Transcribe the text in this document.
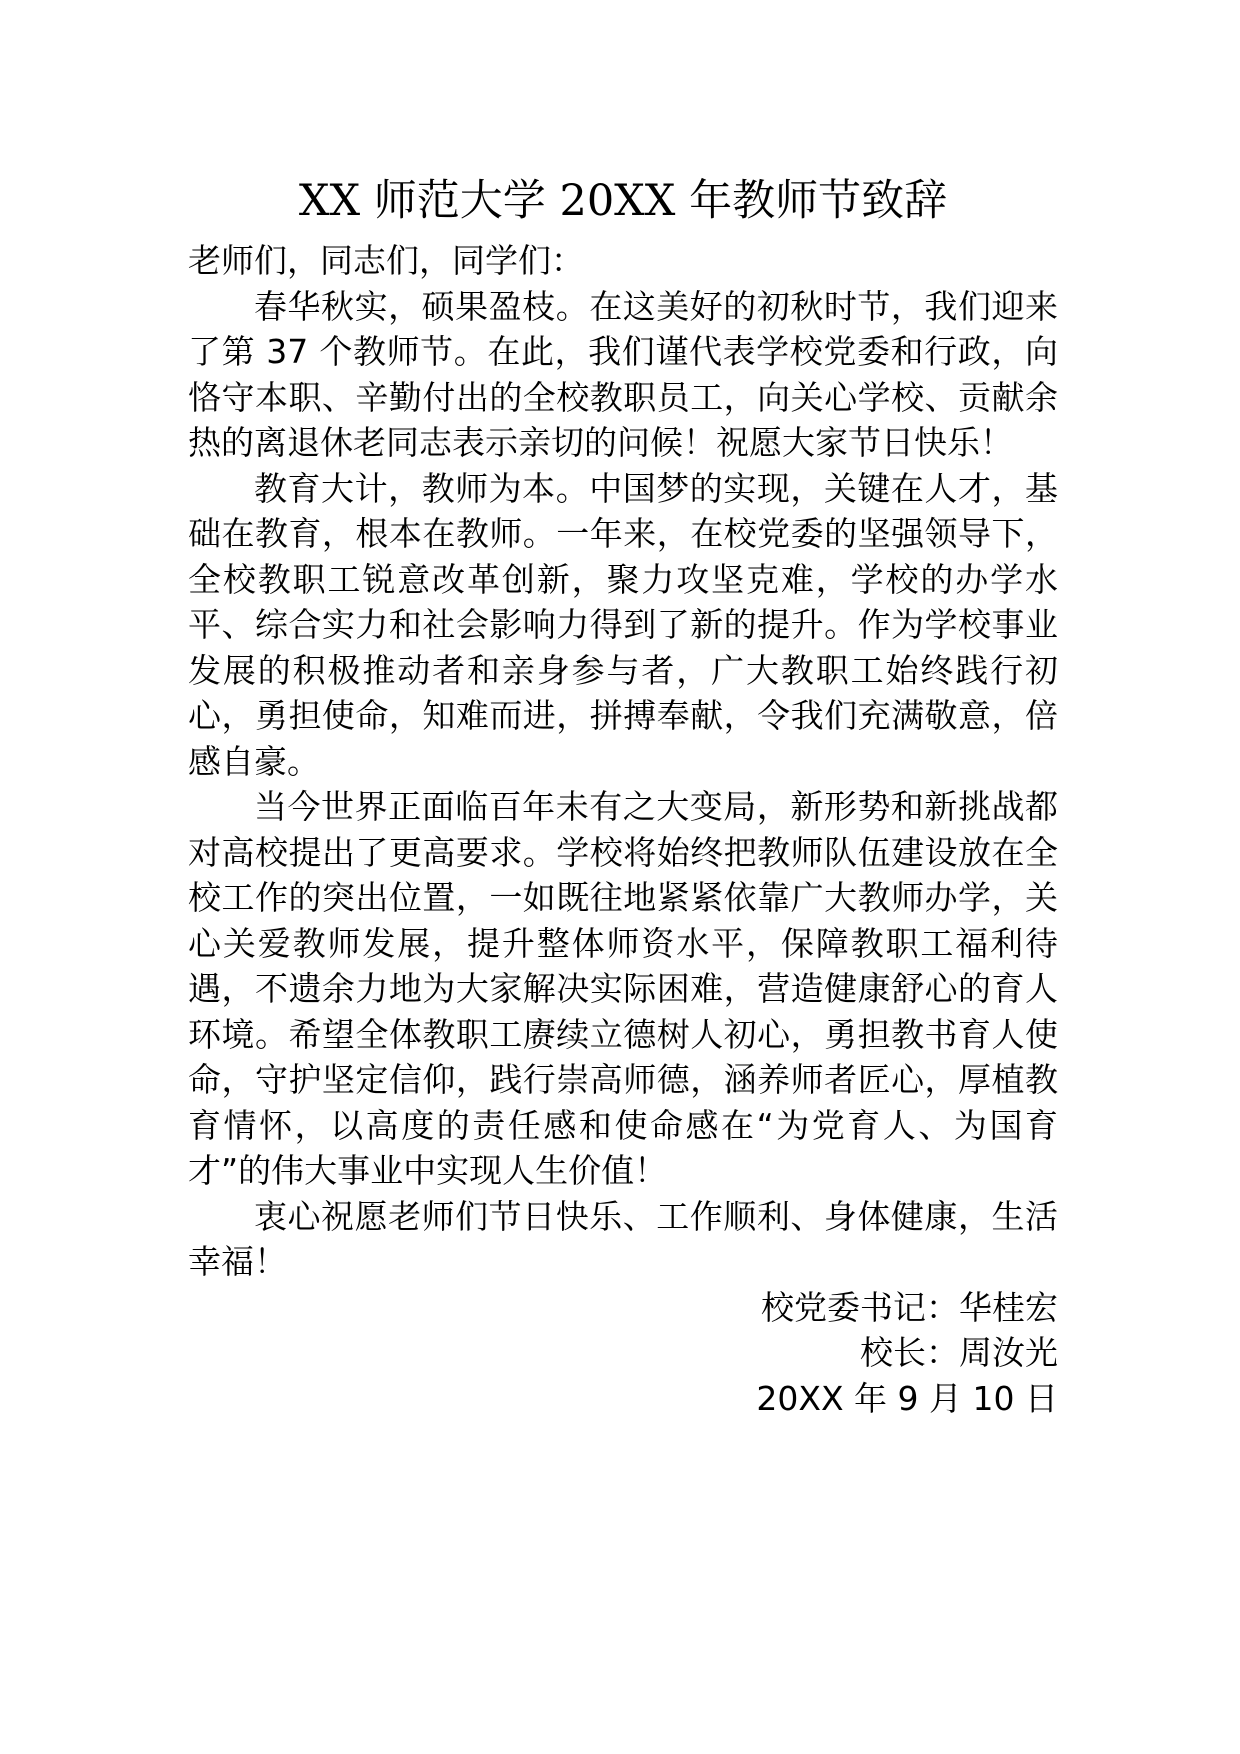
XX 师范大学 20XX 年教师节致辞

老师们，同志们，同学们：

春华秋实，硕果盈枝。在这美好的初秋时节，我们迎来了第 37 个教师节。在此，我们谨代表学校党委和行政，向恪守本职、辛勤付出的全校教职员工，向关心学校、贡献余热的离退休老同志表示亲切的问候！祝愿大家节日快乐！

教育大计，教师为本。中国梦的实现，关键在人才，基础在教育，根本在教师。一年来，在校党委的坚强领导下，全校教职工锐意改革创新，聚力攻坚克难，学校的办学水平、综合实力和社会影响力得到了新的提升。作为学校事业发展的积极推动者和亲身参与者，广大教职工始终践行初心，勇担使命，知难而进，拼搏奉献，令我们充满敬意，倍感自豪。

当今世界正面临百年未有之大变局，新形势和新挑战都对高校提出了更高要求。学校将始终把教师队伍建设放在全校工作的突出位置，一如既往地紧紧依靠广大教师办学，关心关爱教师发展，提升整体师资水平，保障教职工福利待遇，不遗余力地为大家解决实际困难，营造健康舒心的育人环境。希望全体教职工赓续立德树人初心，勇担教书育人使命，守护坚定信仰，践行崇高师德，涵养师者匠心，厚植教育情怀，以高度的责任感和使命感在“为党育人、为国育才”的伟大事业中实现人生价值！

衷心祝愿老师们节日快乐、工作顺利、身体健康，生活幸福！

校党委书记：华桂宏

校长：周汝光

20XX 年 9 月 10 日
